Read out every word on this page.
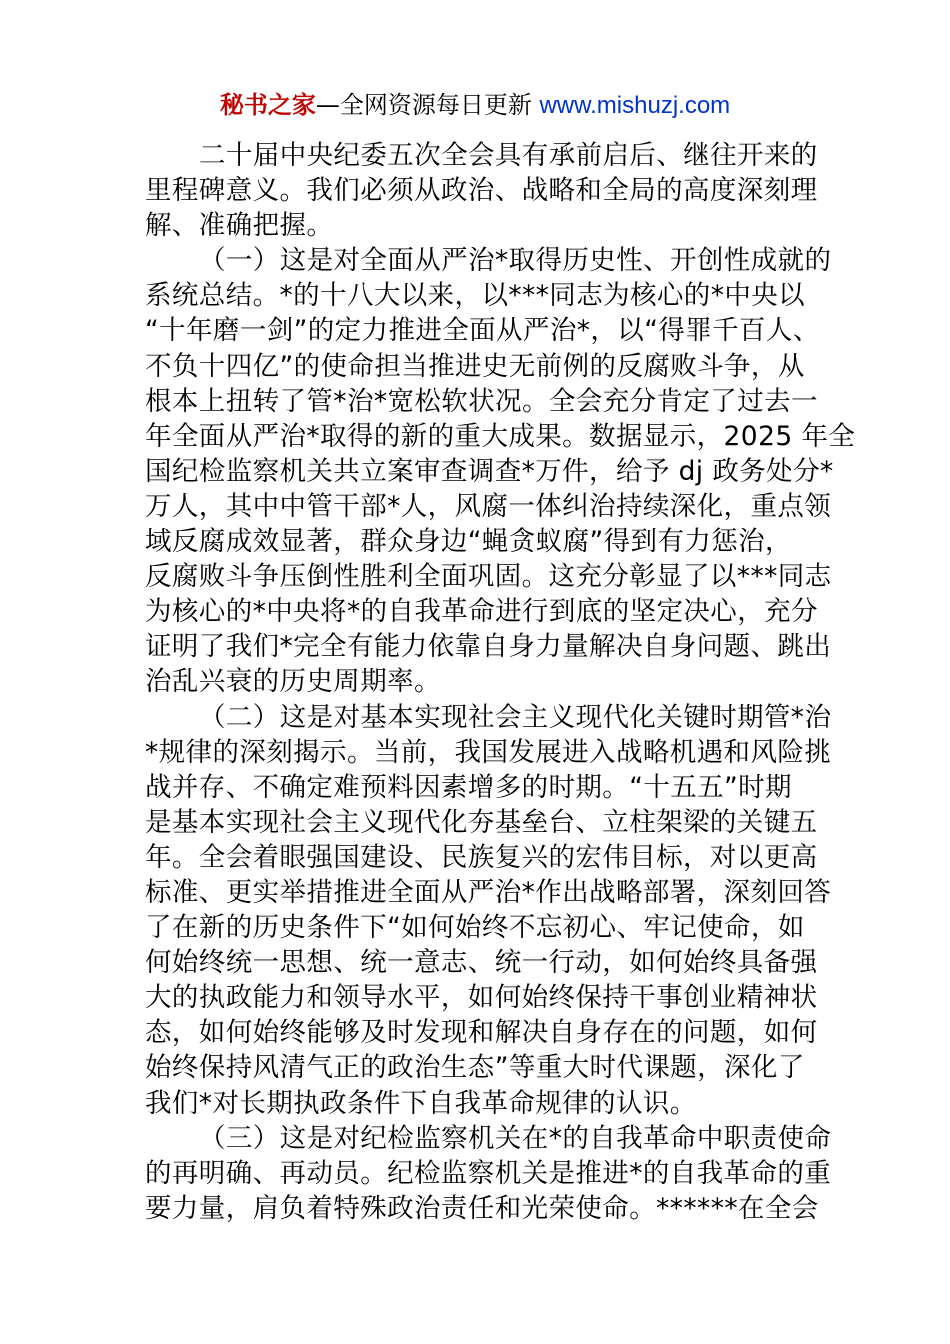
秘书之家—全网资源每日更新 www.mishuzj.com
二十届中央纪委五次全会具有承前启后、继往开来的
里程碑意义。我们必须从政治、战略和全局的高度深刻理
解、准确把握。
（一）这是对全面从严治*取得历史性、开创性成就的
系统总结。*的十八大以来，以***同志为核心的*中央以
“十年磨一剑”的定力推进全面从严治*，以“得罪千百人、
不负十四亿”的使命担当推进史无前例的反腐败斗争，从
根本上扭转了管*治*宽松软状况。全会充分肯定了过去一
年全面从严治*取得的新的重大成果。数据显示，2025 年全
国纪检监察机关共立案审查调查*万件，给予 dj 政务处分*
万人，其中中管干部*人，风腐一体纠治持续深化，重点领
域反腐成效显著，群众身边“蝇贪蚁腐”得到有力惩治，
反腐败斗争压倒性胜利全面巩固。这充分彰显了以***同志
为核心的*中央将*的自我革命进行到底的坚定决心，充分
证明了我们*完全有能力依靠自身力量解决自身问题、跳出
治乱兴衰的历史周期率。
（二）这是对基本实现社会主义现代化关键时期管*治
*规律的深刻揭示。当前，我国发展进入战略机遇和风险挑
战并存、不确定难预料因素增多的时期。“十五五”时期
是基本实现社会主义现代化夯基垒台、立柱架梁的关键五
年。全会着眼强国建设、民族复兴的宏伟目标，对以更高
标准、更实举措推进全面从严治*作出战略部署，深刻回答
了在新的历史条件下“如何始终不忘初心、牢记使命，如
何始终统一思想、统一意志、统一行动，如何始终具备强
大的执政能力和领导水平，如何始终保持干事创业精神状
态，如何始终能够及时发现和解决自身存在的问题，如何
始终保持风清气正的政治生态”等重大时代课题，深化了
我们*对长期执政条件下自我革命规律的认识。
（三）这是对纪检监察机关在*的自我革命中职责使命
的再明确、再动员。纪检监察机关是推进*的自我革命的重
要力量，肩负着特殊政治责任和光荣使命。******在全会
